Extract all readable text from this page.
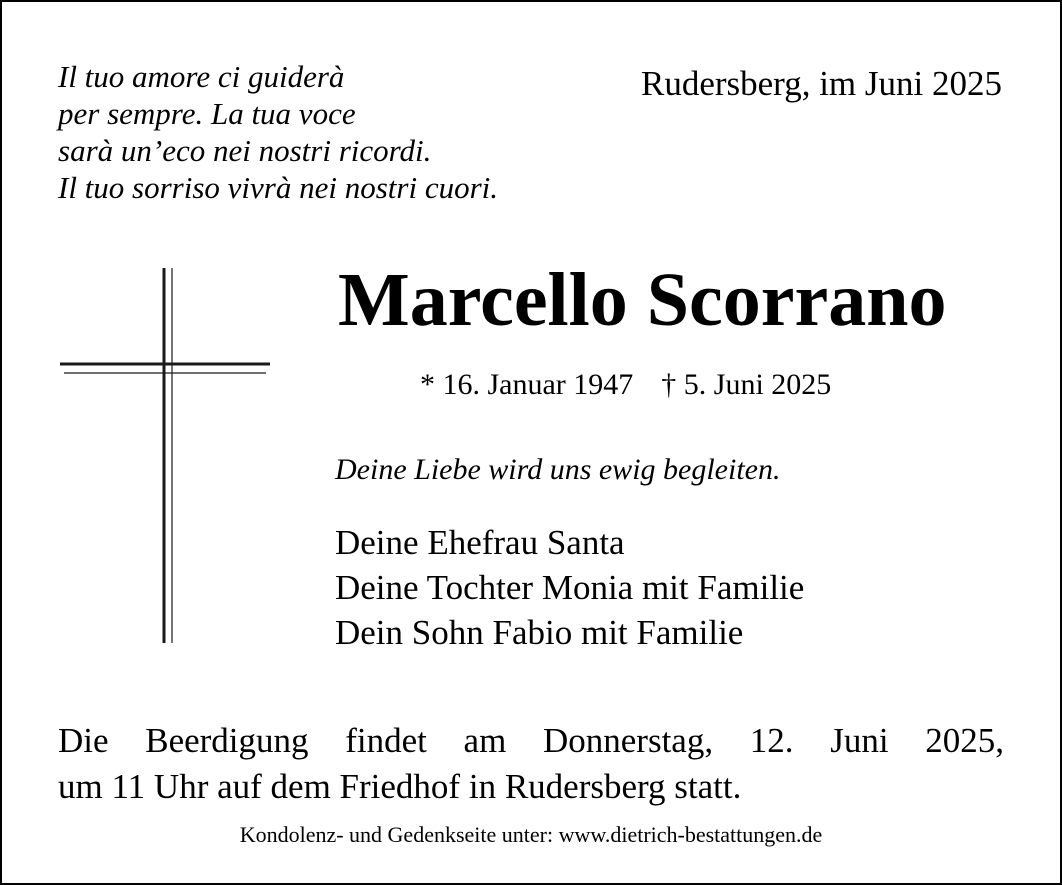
Il tuo amore ci guiderà
per sempre. La tua voce
sarà un’eco nei nostri ricordi.
Il tuo sorriso vivrà nei nostri cuori.
Rudersberg, im Juni 2025
Marcello Scorrano
* 16. Januar 1947 † 5. Juni 2025
Deine Liebe wird uns ewig begleiten.
Deine Ehefrau Santa
Deine Tochter Monia mit Familie
Dein Sohn Fabio mit Familie
Die Beerdigung findet am Donnerstag, 12. Juni 2025,
um 11 Uhr auf dem Friedhof in Rudersberg statt.
Kondolenz- und Gedenkseite unter: www.dietrich-bestattungen.de
